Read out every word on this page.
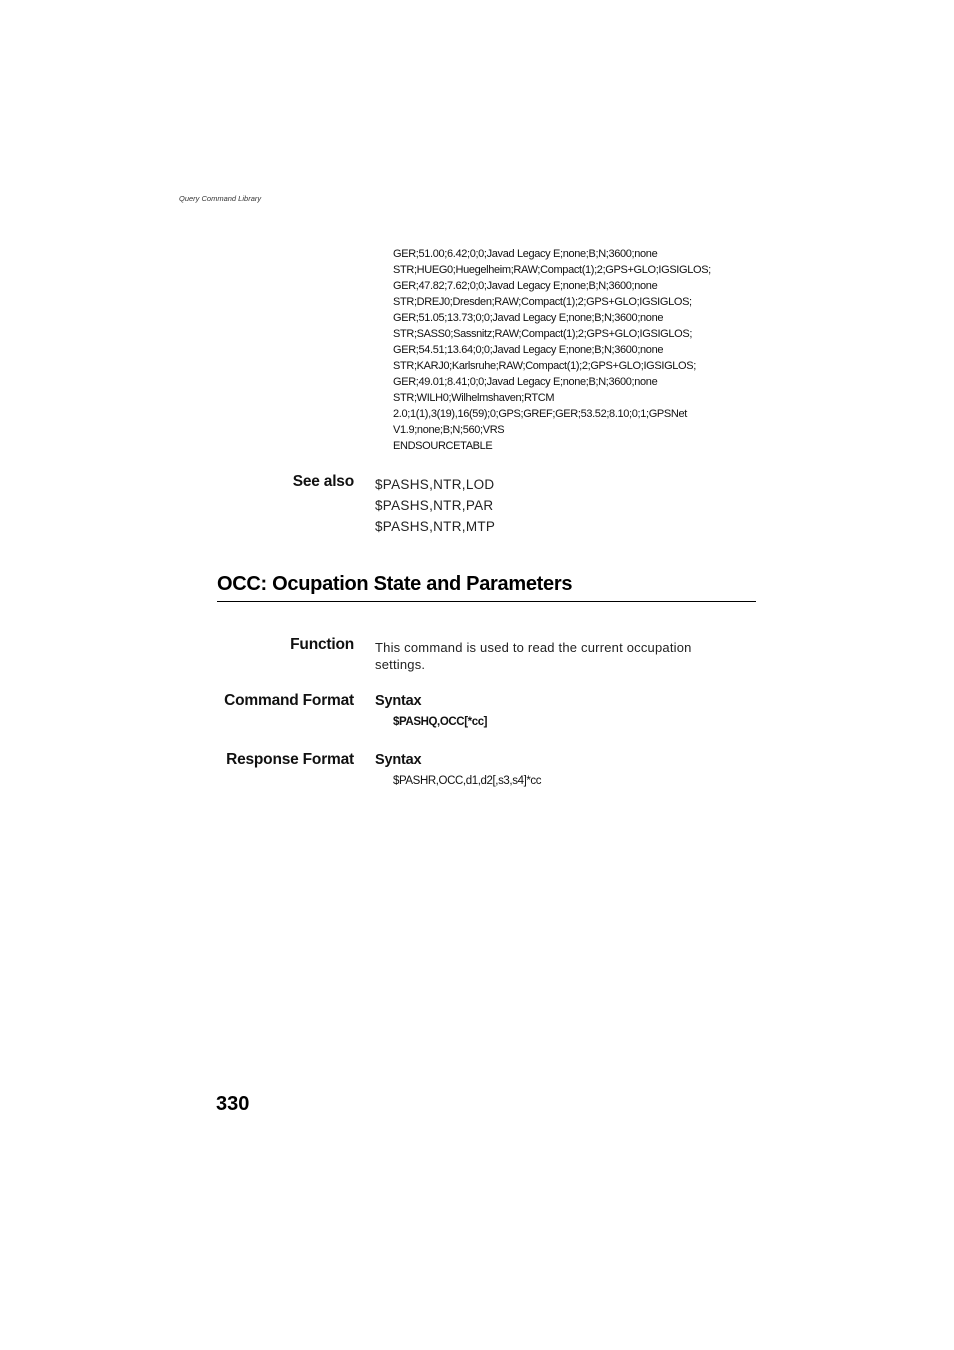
Query Command Library
GER;51.00;6.42;0;0;Javad Legacy E;none;B;N;3600;none
STR;HUEG0;Huegelheim;RAW;Compact(1);2;GPS+GLO;IGSIGLOS;
GER;47.82;7.62;0;0;Javad Legacy E;none;B;N;3600;none
STR;DREJ0;Dresden;RAW;Compact(1);2;GPS+GLO;IGSIGLOS;
GER;51.05;13.73;0;0;Javad Legacy E;none;B;N;3600;none
STR;SASS0;Sassnitz;RAW;Compact(1);2;GPS+GLO;IGSIGLOS;
GER;54.51;13.64;0;0;Javad Legacy E;none;B;N;3600;none
STR;KARJ0;Karlsruhe;RAW;Compact(1);2;GPS+GLO;IGSIGLOS;
GER;49.01;8.41;0;0;Javad Legacy E;none;B;N;3600;none
STR;WILH0;Wilhelmshaven;RTCM
2.0;1(1),3(19),16(59);0;GPS;GREF;GER;53.52;8.10;0;1;GPSNet
V1.9;none;B;N;560;VRS
ENDSOURCETABLE
See also $PASHS,NTR,LOD
$PASHS,NTR,PAR
$PASHS,NTR,MTP
OCC: Ocupation State and Parameters
Function This command is used to read the current occupation settings.
Command Format Syntax
$PASHQ,OCC[*cc]
Response Format Syntax
$PASHR,OCC,d1,d2[,s3,s4]*cc
330
